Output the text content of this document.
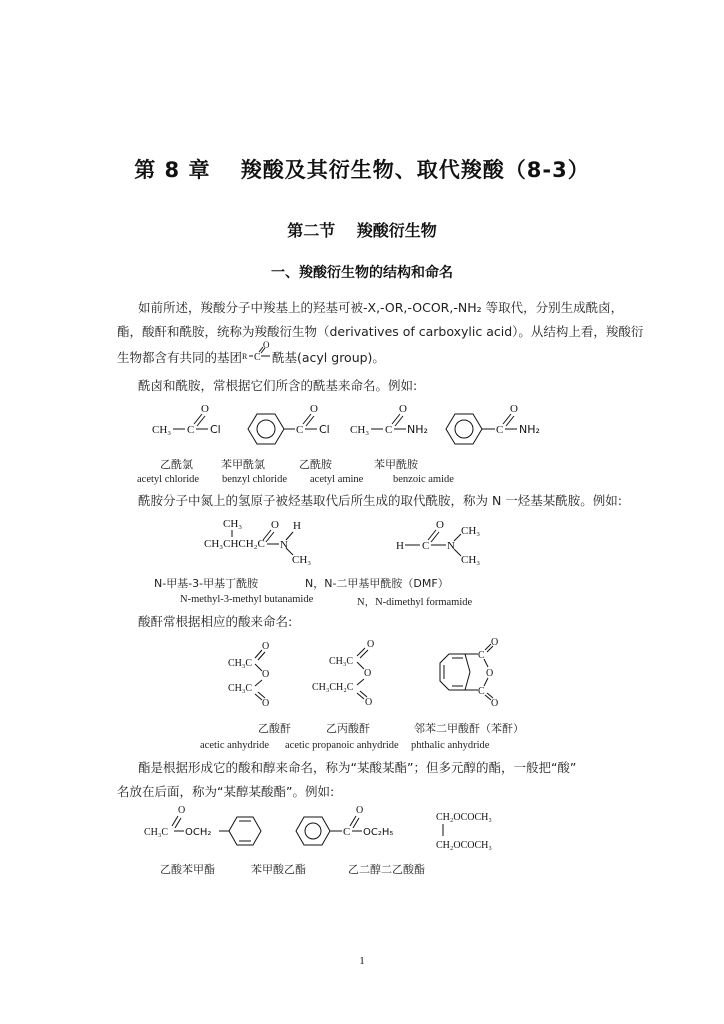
第 8 章　 羧酸及其衍生物、取代羧酸（8-3）
第二节　 羧酸衍生物
一、羧酸衍生物的结构和命名
如前所述，羧酸分子中羧基上的羟基可被-X,-OR,-OCOR,-NH₂ 等取代，分别生成酰卤，
酯，酸酐和酰胺，统称为羧酸衍生物（derivatives of carboxylic acid）。从结构上看，羧酸衍
生物都含有共同的基团 R C
O
酰基(acyl group)。
酰卤和酰胺，常根据它们所含的酰基来命名。例如:
CH₃ C
O
Cl	C
O
Cl CH₃ C
O
NH₂	C
O
NH₂
乙酰氯	苯甲酰氯	乙酰胺	苯甲酰胺
acetyl chloride benzyl chloride acetyl amine	benzoic amide
酰胺分子中氮上的氢原子被烃基取代后所生成的取代酰胺，称为 N 一烃基某酰胺。例如:
CH₃
CH₃CHCH₂C
O
N
H
CH₃
H C
O
N
CH₃
CH₃
N-甲基-3-甲基丁酰胺	N，N-二甲基甲酰胺（DMF）
N-methyl-3-methyl butanamide	N，N-dimethyl formamide
酸酐常根据相应的酸来命名:
CH₃C
O
O
CH₃C
O
CH₃C
O
O
CH₃CH₂C
O
C
O
O
C
O
乙酸酐	乙丙酸酐	邻苯二甲酸酐（苯酐）
acetic anhydride acetic propanoic anhydride phthalic anhydride
酯是根据形成它的酸和醇来命名，称为“某酸某酯”；但多元醇的酯，一般把“酸”
名放在后面，称为“某醇某酸酯”。例如:
CH₃C
O
OCH₂	C
O
OC₂H₅
CH₂OCOCH₃
CH₂OCOCH₃
乙酸苯甲酯	苯甲酸乙酯	乙二醇二乙酸酯
1
